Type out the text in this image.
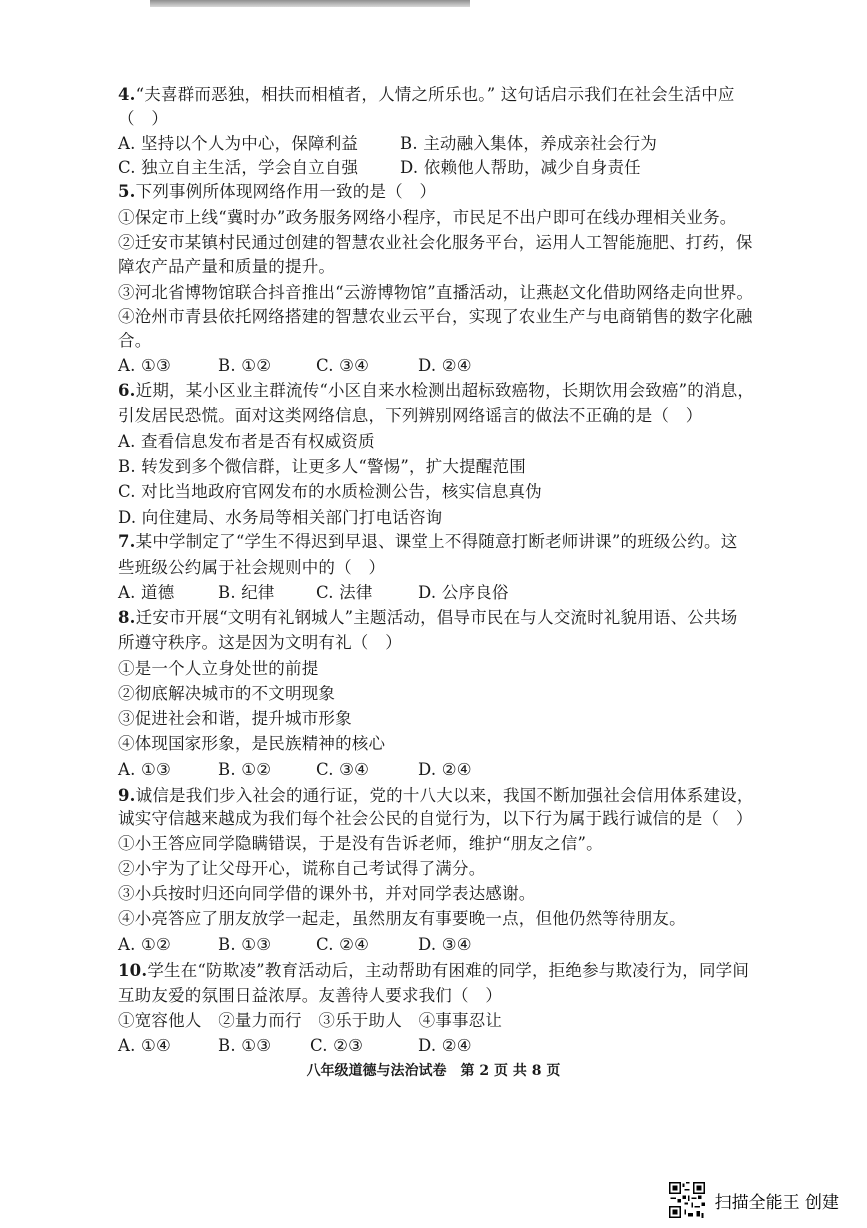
4.“夫喜群而恶独，相扶而相植者，人情之所乐也。” 这句话启示我们在社会生活中应
（　）
A. 坚持以个人为中心，保障利益	B. 主动融入集体，养成亲社会行为
C. 独立自主生活，学会自立自强	D. 依赖他人帮助，减少自身责任
5.下列事例所体现网络作用一致的是（　）
①保定市上线“冀时办”政务服务网络小程序，市民足不出户即可在线办理相关业务。
②迁安市某镇村民通过创建的智慧农业社会化服务平台，运用人工智能施肥、打药，保
障农产品产量和质量的提升。
③河北省博物馆联合抖音推出“云游博物馆”直播活动，让燕赵文化借助网络走向世界。
④沧州市青县依托网络搭建的智慧农业云平台，实现了农业生产与电商销售的数字化融
合。
A. ①③	B. ①②	C. ③④	D. ②④
6.近期，某小区业主群流传“小区自来水检测出超标致癌物，长期饮用会致癌”的消息，
引发居民恐慌。面对这类网络信息，下列辨别网络谣言的做法不正确的是（　）
A. 查看信息发布者是否有权威资质
B. 转发到多个微信群，让更多人“警惕”，扩大提醒范围
C. 对比当地政府官网发布的水质检测公告，核实信息真伪
D. 向住建局、水务局等相关部门打电话咨询
7.某中学制定了“学生不得迟到早退、课堂上不得随意打断老师讲课”的班级公约。这
些班级公约属于社会规则中的（　）
A. 道德	B. 纪律	C. 法律	D. 公序良俗
8.迁安市开展“文明有礼钢城人”主题活动，倡导市民在与人交流时礼貌用语、公共场
所遵守秩序。这是因为文明有礼（　）
①是一个人立身处世的前提
②彻底解决城市的不文明现象
③促进社会和谐，提升城市形象
④体现国家形象，是民族精神的核心
A. ①③	B. ①②	C. ③④	D. ②④
9.诚信是我们步入社会的通行证，党的十八大以来，我国不断加强社会信用体系建设，
诚实守信越来越成为我们每个社会公民的自觉行为，以下行为属于践行诚信的是（　）
①小王答应同学隐瞒错误，于是没有告诉老师，维护“朋友之信”。
②小宇为了让父母开心，谎称自己考试得了满分。
③小兵按时归还向同学借的课外书，并对同学表达感谢。
④小亮答应了朋友放学一起走，虽然朋友有事要晚一点，但他仍然等待朋友。
A. ①②	B. ①③	C. ②④	D. ③④
10.学生在“防欺凌”教育活动后，主动帮助有困难的同学，拒绝参与欺凌行为，同学间
互助友爱的氛围日益浓厚。友善待人要求我们（　）
①宽容他人　②量力而行　③乐于助人　④事事忍让
A. ①④	B. ①③ C. ②③	D. ②④
八年级道德与法治试卷　第 2 页 共 8 页
扫描全能王 创建
